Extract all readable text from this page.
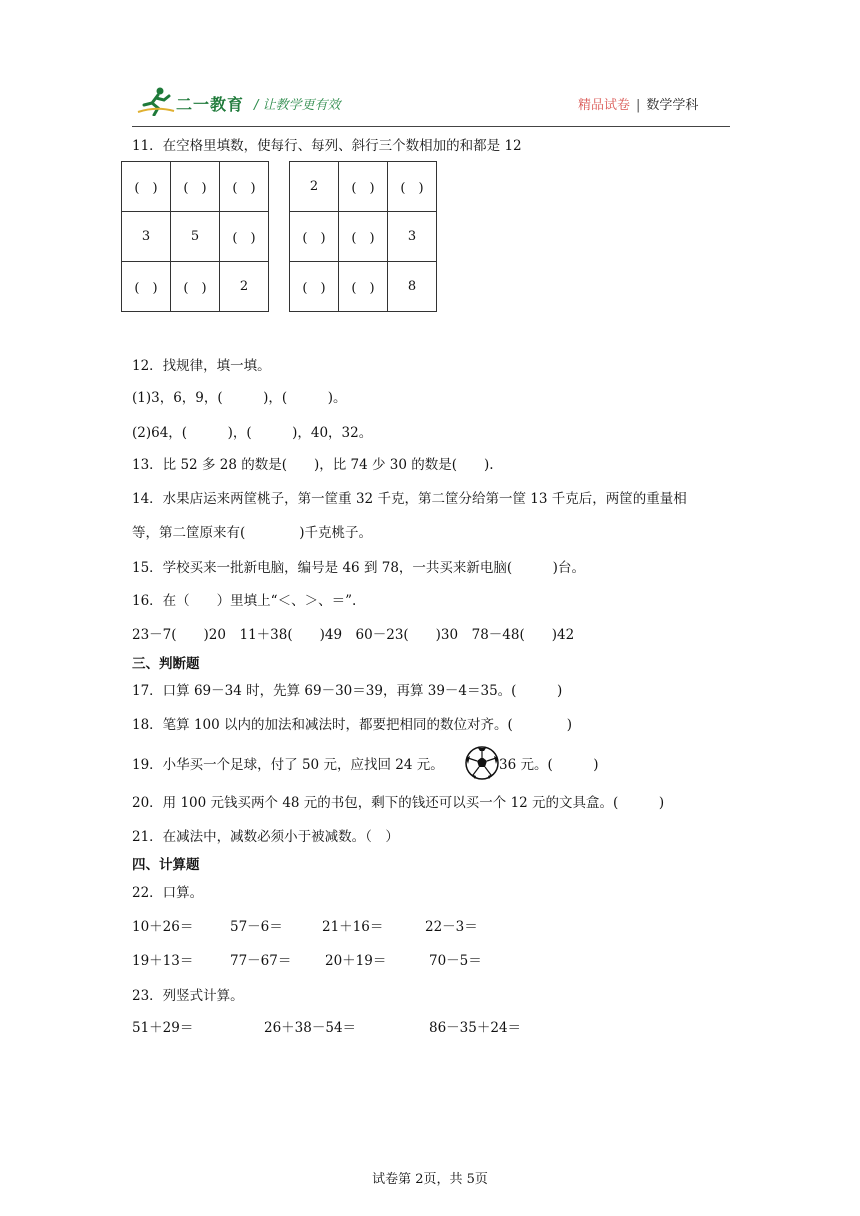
二一教育 / 让教学更有效	精品试卷 | 数学学科
11．在空格里填数，使每行、每列、斜行三个数相加的和都是 12
(　)	(　)	(　)
3	5	(　)
(　)	(　)	2
2	(　)	(　)
(　)	(　)	3
(　)	(　)	8
12．找规律，填一填。
(1)3，6，9，(　　　)，(　　　)。
(2)64，(　　　)，(　　　)，40，32。
13．比 52 多 28 的数是(　　)，比 74 少 30 的数是(　　).
14．水果店运来两筐桃子，第一筐重 32 千克，第二筐分给第一筐 13 千克后，两筐的重量相
等，第二筐原来有(　　　　)千克桃子。
15．学校买来一批新电脑，编号是 46 到 78，一共买来新电脑(　　　)台。
16．在（　　）里填上“＜、＞、＝”.
23－7(　　)20　11＋38(　　)49　60－23(　　)30　78－48(　　)42
三、判断题
17．口算 69－34 时，先算 69－30＝39，再算 39－4＝35。(　　　)
18．笔算 100 以内的加法和减法时，都要把相同的数位对齐。(　　　　)
19．小华买一个足球，付了 50 元，应找回 24 元。	36 元。(　　　)
20．用 100 元钱买两个 48 元的书包，剩下的钱还可以买一个 12 元的文具盒。(　　　)
21．在减法中，减数必须小于被减数。（　）
四、计算题
22．口算。
10＋26＝	57－6＝	21＋16＝	22－3＝
19＋13＝	77－67＝ 20＋19＝	70－5＝
23．列竖式计算。
51＋29＝	26＋38－54＝	86－35＋24＝
试卷第 2页，共 5页
